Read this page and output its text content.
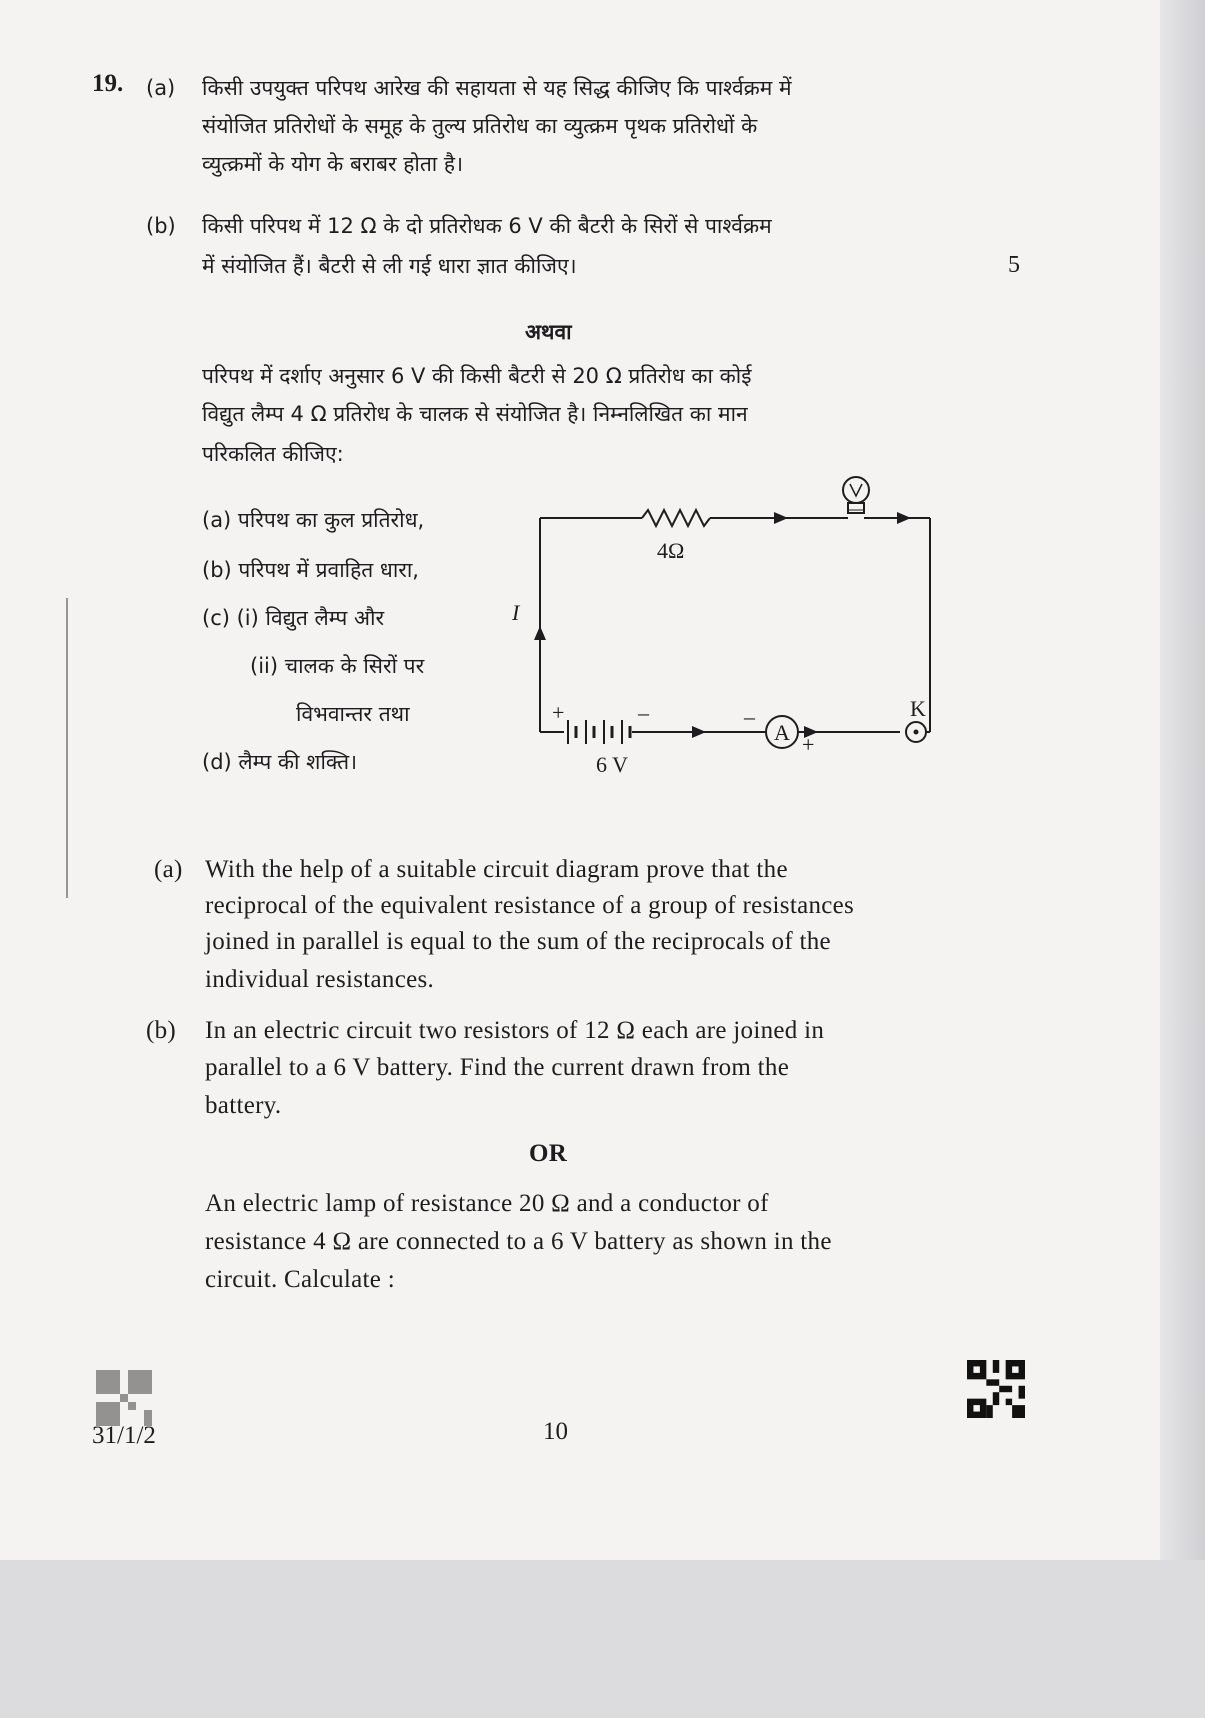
19. (a) किसी उपयुक्त परिपथ आरेख की सहायता से यह सिद्ध कीजिए कि पार्श्वक्रम में
संयोजित प्रतिरोधों के समूह के तुल्य प्रतिरोध का व्युत्क्रम पृथक प्रतिरोधों के
व्युत्क्रमों के योग के बराबर होता है।
(b) किसी परिपथ में 12 Ω के दो प्रतिरोधक 6 V की बैटरी के सिरों से पार्श्वक्रम
में संयोजित हैं। बैटरी से ली गई धारा ज्ञात कीजिए।	5
अथवा
परिपथ में दर्शाए अनुसार 6 V की किसी बैटरी से 20 Ω प्रतिरोध का कोई
विद्युत लैम्प 4 Ω प्रतिरोध के चालक से संयोजित है। निम्नलिखित का मान
परिकलित कीजिए:
(a) परिपथ का कुल प्रतिरोध,
(b) परिपथ में प्रवाहित धारा,
(c) (i) विद्युत लैम्प और
(ii) चालक के सिरों पर
विभवान्तर तथा
(d) लैम्प की शक्ति।
4Ω
I
+	–
6 V
A
–
+
K
(a) With the help of a suitable circuit diagram prove that the
reciprocal of the equivalent resistance of a group of resistances
joined in parallel is equal to the sum of the reciprocals of the
individual resistances.
(b) In an electric circuit two resistors of 12 Ω each are joined in
parallel to a 6 V battery. Find the current drawn from the
battery.
OR
An electric lamp of resistance 20 Ω and a conductor of
resistance 4 Ω are connected to a 6 V battery as shown in the
circuit. Calculate :
31/1/2	10
